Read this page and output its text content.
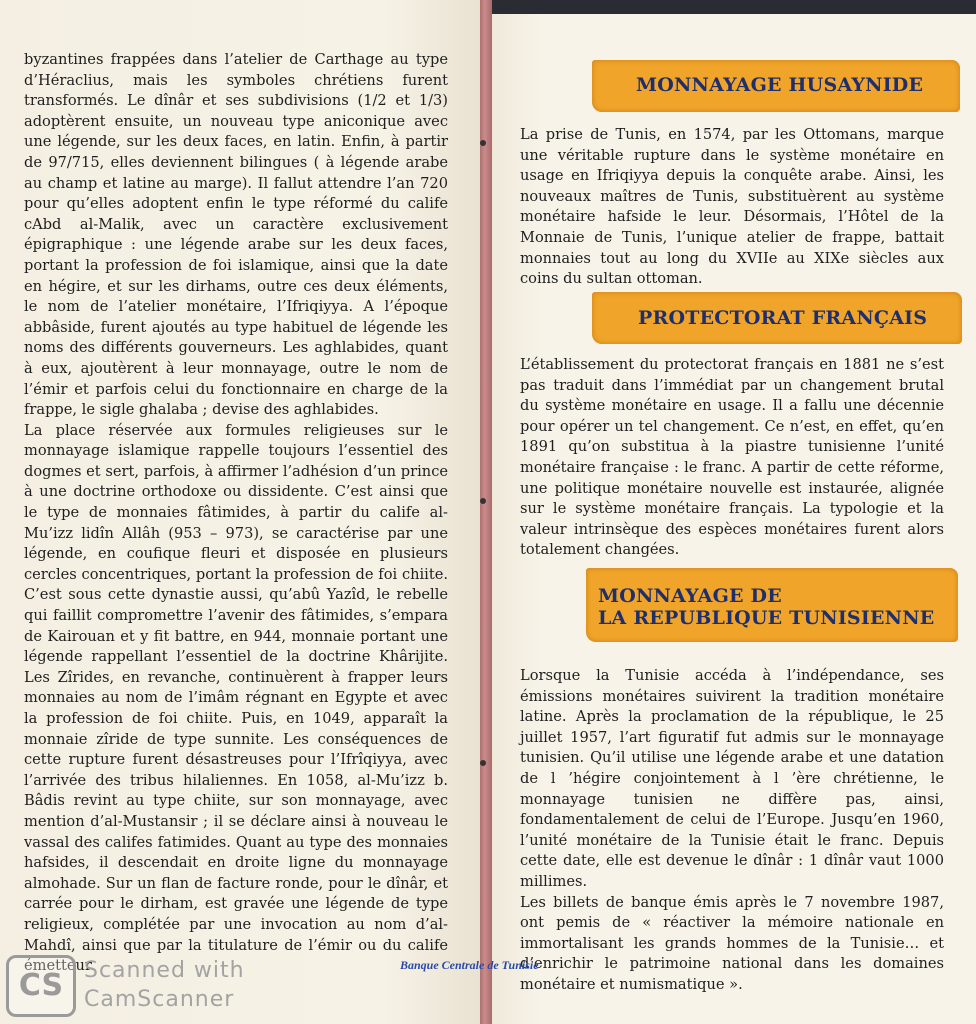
byzantines frappées dans l’atelier de Carthage au type d’Héraclius, mais les symboles chrétiens furent transformés. Le dînâr et ses subdivisions (1/2 et 1/3) adoptèrent ensuite, un nouveau type aniconique avec une légende, sur les deux faces, en latin. Enfin, à partir de 97/715, elles deviennent bilingues ( à légende arabe au champ et latine au marge). Il fallut attendre l’an 720 pour qu’elles adoptent enfin le type réformé du calife cAbd al-Malik, avec un caractère exclusivement épigraphique : une légende arabe sur les deux faces, portant la profession de foi islamique, ainsi que la date en hégire, et sur les dirhams, outre ces deux éléments, le nom de l’atelier monétaire, l’Ifriqiyya. A l’époque abbâside, furent ajoutés au type habituel de légende les noms des différents gouverneurs. Les aghlabides, quant à eux, ajoutèrent à leur monnayage, outre le nom de l’émir et parfois celui du fonctionnaire en charge de la frappe, le sigle ghalaba ; devise des aghlabides.

La place réservée aux formules religieuses sur le monnayage islamique rappelle toujours l’essentiel des dogmes et sert, parfois, à affirmer l’adhésion d’un prince à une doctrine orthodoxe ou dissidente. C’est ainsi que le type de monnaies fâtimides, à partir du calife al-Mu’izz lidîn Allâh (953 – 973), se caractérise par une légende, en coufique fleuri et disposée en plusieurs cercles concentriques, portant la profession de foi chiite. C’est sous cette dynastie aussi, qu’abû Yazîd, le rebelle qui faillit compromettre l’avenir des fâtimides, s’empara de Kairouan et y fit battre, en 944, monnaie portant une légende rappellant l’essentiel de la doctrine Khârijite. Les Zîrides, en revanche, continuèrent à frapper leurs monnaies au nom de l’imâm régnant en Egypte et avec la profession de foi chiite. Puis, en 1049, apparaît la monnaie zîride de type sunnite. Les conséquences de cette rupture furent désastreuses pour l’Ifrîqiyya, avec l’arrivée des tribus hilaliennes. En 1058, al-Mu’izz b. Bâdis revint au type chiite, sur son monnayage, avec mention d’al-Mustansir ; il se déclare ainsi à nouveau le vassal des califes fatimides. Quant au type des monnaies hafsides, il descendait en droite ligne du monnayage almohade. Sur un flan de facture ronde, pour le dînâr, et carrée pour le dirham, est gravée une légende de type religieux, complétée par une invocation au nom d’al-Mahdî, ainsi que par la titulature de l’émir ou du calife émetteur.

MONNAYAGE HUSAYNIDE

La prise de Tunis, en 1574, par les Ottomans, marque une véritable rupture dans le système monétaire en usage en Ifriqiyya depuis la conquête arabe. Ainsi, les nouveaux maîtres de Tunis, substituèrent au système monétaire hafside le leur. Désormais, l’Hôtel de la Monnaie de Tunis, l’unique atelier de frappe, battait monnaies tout au long du XVIIe au XIXe siècles aux coins du sultan ottoman.

PROTECTORAT FRANÇAIS

L’établissement du protectorat français en 1881 ne s’est pas traduit dans l’immédiat par un changement brutal du système monétaire en usage. Il a fallu une décennie pour opérer un tel changement. Ce n’est, en effet, qu’en 1891 qu’on substitua à la piastre tunisienne l’unité monétaire française : le franc. A partir de cette réforme, une politique monétaire nouvelle est instaurée, alignée sur le système monétaire français. La typologie et la valeur intrinsèque des espèces monétaires furent alors totalement changées.

MONNAYAGE DE
LA REPUBLIQUE TUNISIENNE

Lorsque la Tunisie accéda à l’indépendance, ses émissions monétaires suivirent la tradition monétaire latine. Après la proclamation de la république, le 25 juillet 1957, l’art figuratif fut admis sur le monnayage tunisien. Qu’il utilise une légende arabe et une datation de l ’hégire conjointement à l ’ère chrétienne, le monnayage tunisien ne diffère pas, ainsi, fondamentalement de celui de l’Europe. Jusqu’en 1960, l’unité monétaire de la Tunisie était le franc. Depuis cette date, elle est devenue le dînâr : 1 dînâr vaut 1000 millimes.

Les billets de banque émis après le 7 novembre 1987, ont pemis de « réactiver la mémoire nationale en immortalisant les grands hommes de la Tunisie… et d’enrichir le patrimoine national dans les domaines monétaire et numismatique ».

Banque Centrale de Tunisie
CS Scanned with
CamScanner
